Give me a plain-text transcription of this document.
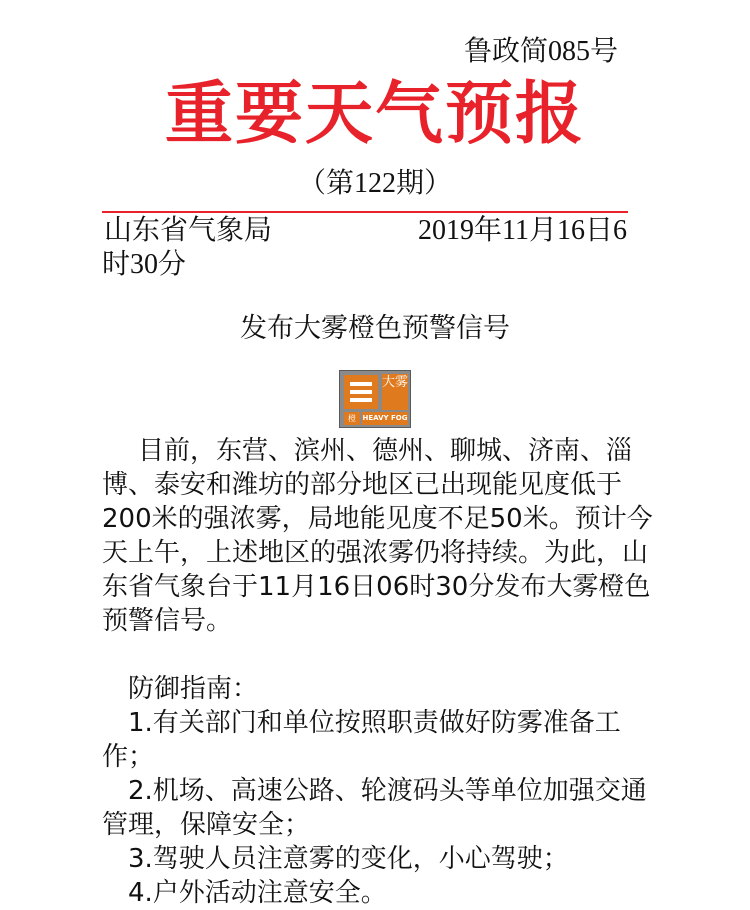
鲁政简085号
重要天气预报
（第122期）
山东省气象局	2019年11月16日6
时30分
发布大雾橙色预警信号
大雾
橙 HEAVY FOG

目前，东营、滨州、德州、聊城、济南、淄博、泰安和潍坊的部分地区已出现能见度低于200米的强浓雾，局地能见度不足50米。预计今天上午，上述地区的强浓雾仍将持续。为此，山东省气象台于11月16日06时30分发布大雾橙色预警信号。

防御指南：

1.有关部门和单位按照职责做好防雾准备工作；

2.机场、高速公路、轮渡码头等单位加强交通管理，保障安全；

3.驾驶人员注意雾的变化，小心驾驶；

4.户外活动注意安全。
